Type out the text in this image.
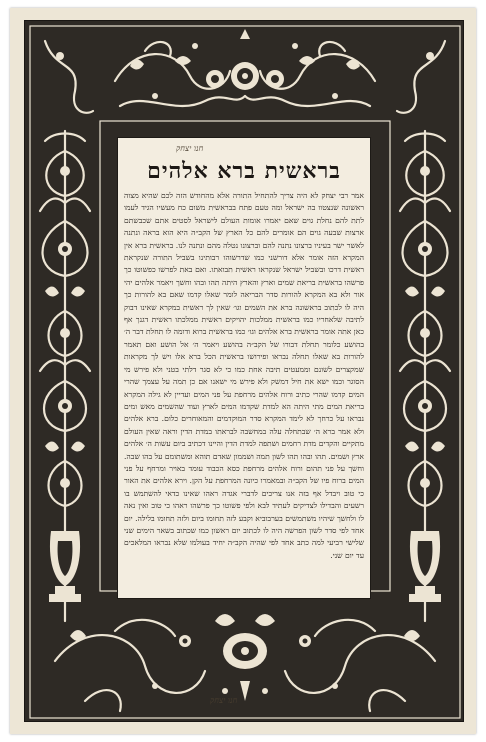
חנו יצחק
בראשית ברא אלהים

אמר רבי יצחק לא היה צריך להתחיל התורה אלא מהחודש הזה לכם שהיא מצוה ראשונה שנצטוו בה ישראל ומה טעם פתח בבראשית משום כח מעשיו הגיד לעמו לתת להם נחלת גוים שאם יאמרו אומות העולם לישראל לסטים אתם שכבשתם ארצות שבעה גוים הם אומרים להם כל הארץ של הקב״ה היא הוא בראה ונתנה לאשר ישר בעיניו ברצונו נתנה להם וברצונו נטלה מהם ונתנה לנו. בראשית ברא אין המקרא הזה אומר אלא דורשני כמו שדרשוהו רבותינו בשביל התורה שנקראת ראשית דרכו ובשביל ישראל שנקראו ראשית תבואתו. ואם באת לפרשו כפשוטו כך פרשהו בראשית בריאת שמים וארץ והארץ היתה תהו ובהו וחשך ויאמר אלהים יהי אור ולא בא המקרא להורות סדר הבריאה לומר שאלו קדמו שאם בא להורות כך היה לו לכתוב בראשונה ברא את השמים וגו׳ שאין לך ראשית במקרא שאינו דבוק לתיבה שלאחריו כמו בראשית ממלכות יהויקים ראשית ממלכתו ראשית דגנך אף כאן אתה אומר בראשית ברא אלהים וגו׳ כמו בראשית ברוא ודומה לו תחלת דבר ה׳ בהושע כלומר תחלת דבורו של הקב״ה בהושע ויאמר ה׳ אל הושע ואם תאמר להורות בא שאלו תחלה נבראו ופירושו בראשית הכל ברא אלו ויש לך מקראות שמקצרים לשונם וממעטים תיבה אחת כמו כי לא סגר דלתי בטני ולא פירש מי הסוגר וכמו ישא את חיל דמשק ולא פירש מי ישאנו אם כן תמה על עצמך שהרי המים קדמו שהרי כתיב ורוח אלהים מרחפת על פני המים ועדיין לא גילה המקרא בריאת המים מתי היתה הא למדת שקדמו המים לארץ ועוד שהשמים מאש ומים נבראו על כרחך לא לימד המקרא סדר המוקדמים והמאוחרים כלום. ברא אלהים ולא אמר ברא ה׳ שבתחלה עלה במחשבה לבראתו במדת הדין וראה שאין העולם מתקיים והקדים מדת רחמים ושתפה למדת הדין והיינו דכתיב ביום עשות ה׳ אלהים ארץ ושמים. תהו ובהו תהו לשון תמה ושממון שאדם תוהא ומשתומם על בהו שבה. וחשך על פני תהום ורוח אלהים מרחפת כסא הכבוד עומד באויר ומרחף על פני המים ברוח פיו של הקב״ה ובמאמרו כיונה המרחפת על הקן. וירא אלהים את האור כי טוב ויבדל אף בזה אנו צריכים לדברי אגדה ראהו שאינו כדאי להשתמש בו רשעים והבדילו לצדיקים לעתיד לבא ולפי פשוטו כך פרשהו ראהו כי טוב ואין נאה לו ולחשך שיהיו משתמשים בערבוביא וקבע לזה תחומו ביום ולזה תחומו בלילה. יום אחד לפי סדר לשון הפרשה היה לו לכתוב יום ראשון כמו שכתוב בשאר הימים שני שלישי רביעי למה כתב אחד לפי שהיה הקב״ה יחיד בעולמו שלא נבראו המלאכים עד יום שני.

חנו יצחק
